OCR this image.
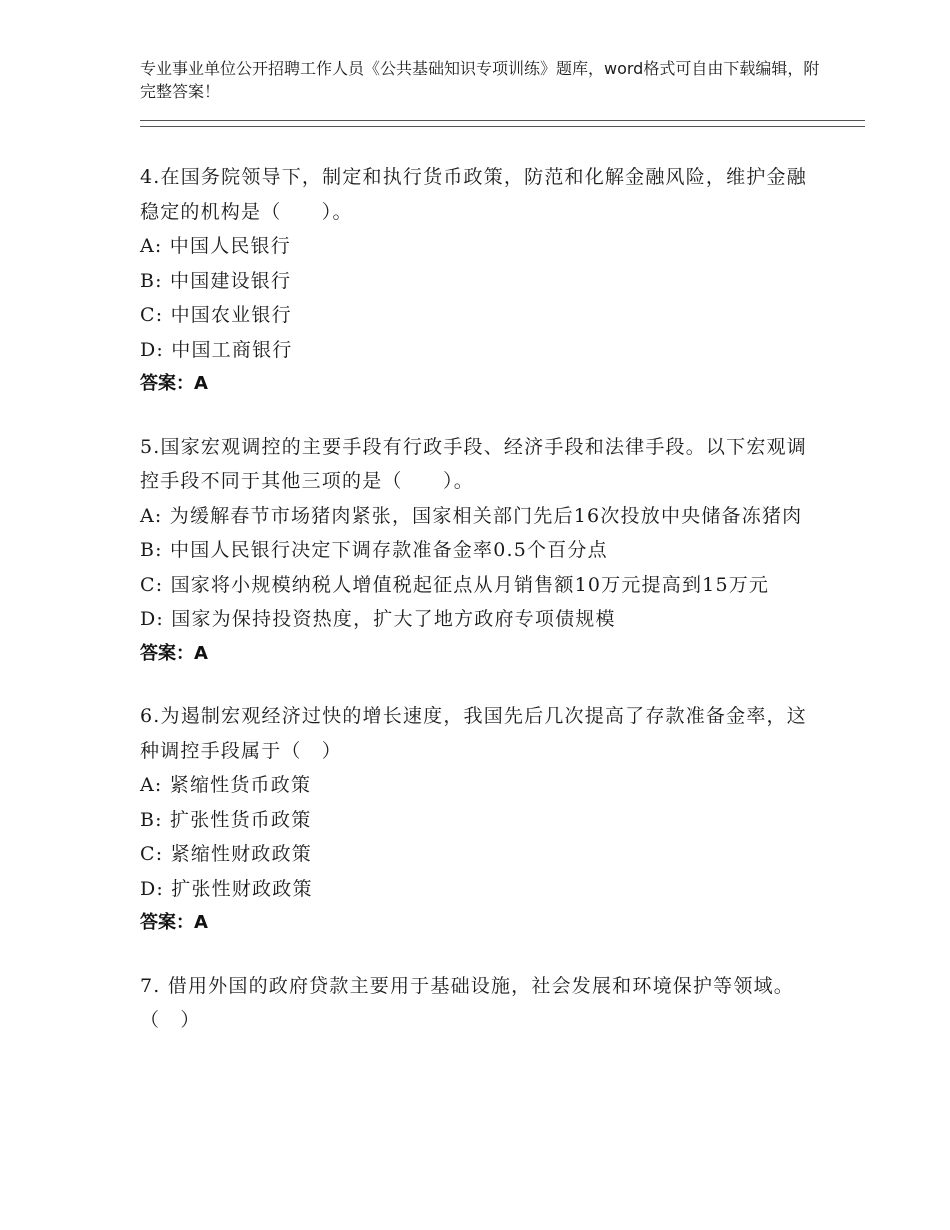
专业事业单位公开招聘工作人员《公共基础知识专项训练》题库，word格式可自由下载编辑，附完整答案！
4.在国务院领导下，制定和执行货币政策，防范和化解金融风险，维护金融稳定的机构是（　　）。
A: 中国人民银行
B: 中国建设银行
C: 中国农业银行
D: 中国工商银行
答案：A
5.国家宏观调控的主要手段有行政手段、经济手段和法律手段。以下宏观调控手段不同于其他三项的是（　　）。
A: 为缓解春节市场猪肉紧张，国家相关部门先后16次投放中央储备冻猪肉
B: 中国人民银行决定下调存款准备金率0.5个百分点
C: 国家将小规模纳税人增值税起征点从月销售额10万元提高到15万元
D: 国家为保持投资热度，扩大了地方政府专项债规模
答案：A
6.为遏制宏观经济过快的增长速度，我国先后几次提高了存款准备金率，这种调控手段属于（　）
A: 紧缩性货币政策
B: 扩张性货币政策
C: 紧缩性财政政策
D: 扩张性财政政策
答案：A
7. 借用外国的政府贷款主要用于基础设施，社会发展和环境保护等领域。（　）
